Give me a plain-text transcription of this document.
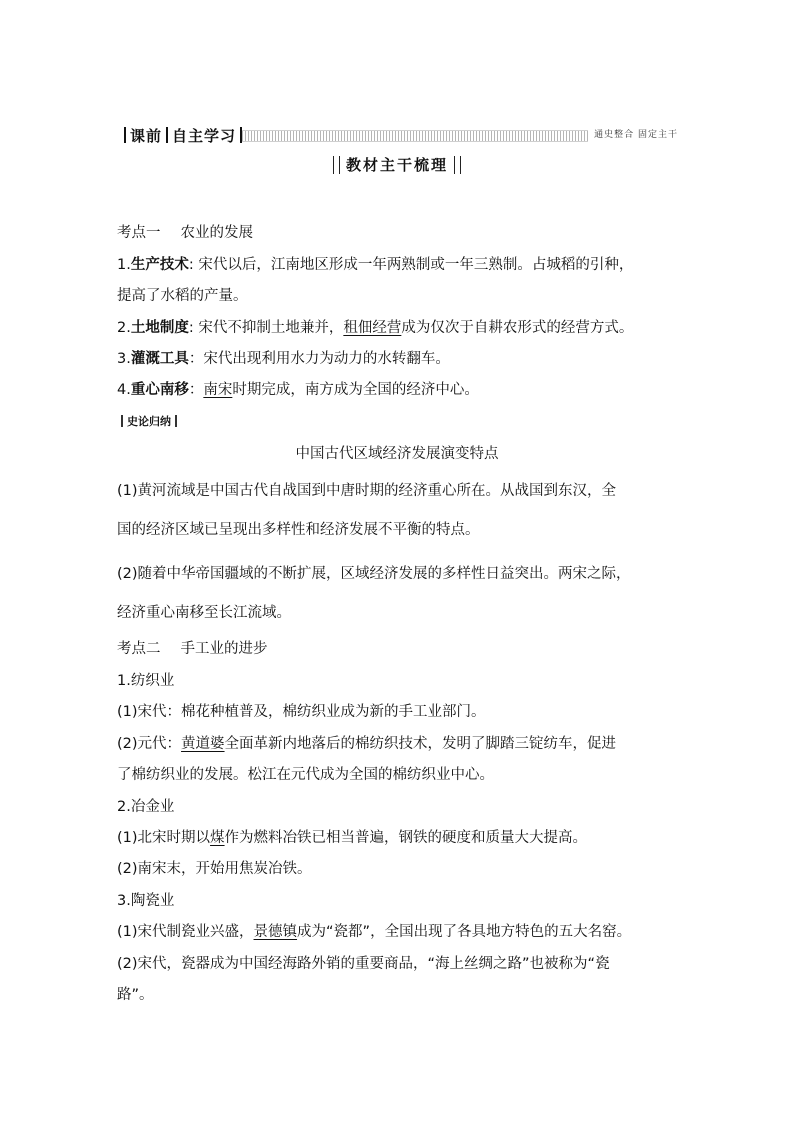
课前 自主学习	通史整合 固定主干
教材主干梳理
考点一 农业的发展
1.生产技术: 宋代以后，江南地区形成一年两熟制或一年三熟制。占城稻的引种，
提高了水稻的产量。
2.土地制度: 宋代不抑制土地兼并，租佃经营成为仅次于自耕农形式的经营方式。
3.灌溉工具：宋代出现利用水力为动力的水转翻车。
4.重心南移：南宋时期完成，南方成为全国的经济中心。
史论归纳
中国古代区域经济发展演变特点
(1)黄河流域是中国古代自战国到中唐时期的经济重心所在。从战国到东汉，全
国的经济区域已呈现出多样性和经济发展不平衡的特点。
(2)随着中华帝国疆域的不断扩展，区域经济发展的多样性日益突出。两宋之际，
经济重心南移至长江流域。
考点二 手工业的进步
1.纺织业
(1)宋代：棉花种植普及，棉纺织业成为新的手工业部门。
(2)元代：黄道婆全面革新内地落后的棉纺织技术，发明了脚踏三锭纺车，促进
了棉纺织业的发展。松江在元代成为全国的棉纺织业中心。
2.冶金业
(1)北宋时期以煤作为燃料冶铁已相当普遍，钢铁的硬度和质量大大提高。
(2)南宋末，开始用焦炭冶铁。
3.陶瓷业
(1)宋代制瓷业兴盛，景德镇成为“瓷都”，全国出现了各具地方特色的五大名窑。
(2)宋代，瓷器成为中国经海路外销的重要商品，“海上丝绸之路”也被称为“瓷
路”。
